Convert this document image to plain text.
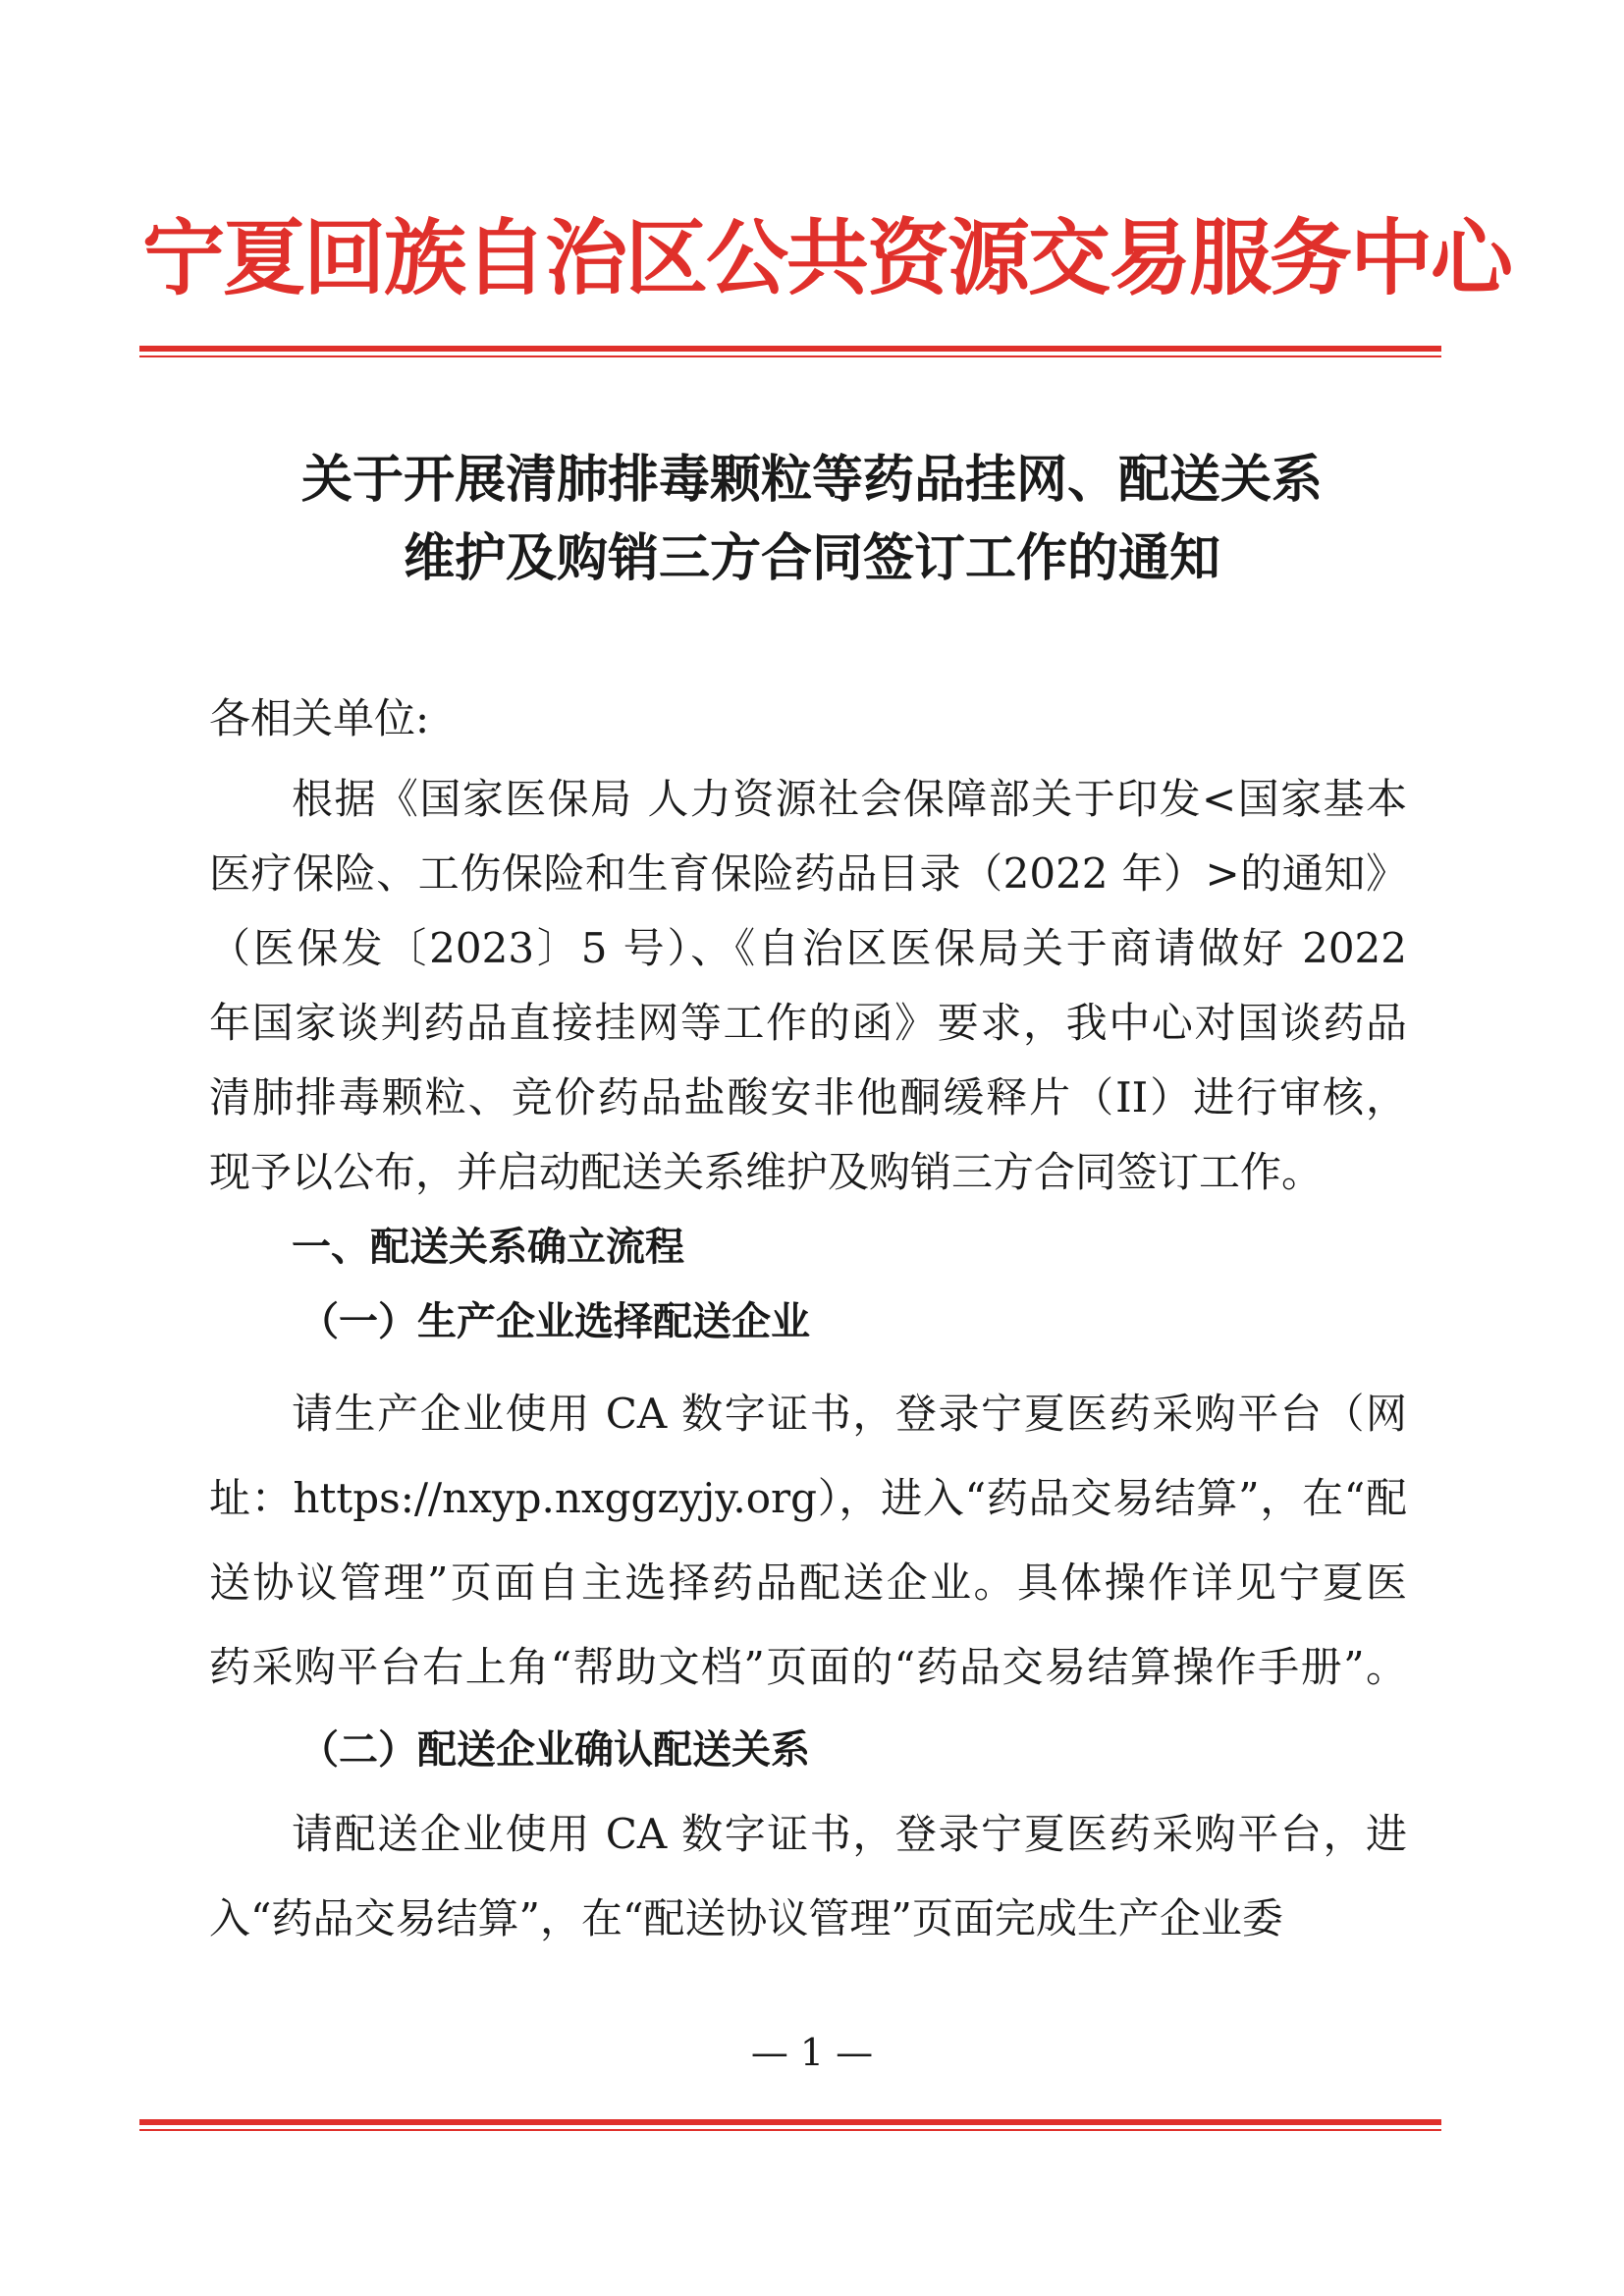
宁夏回族自治区公共资源交易服务中心
关于开展清肺排毒颗粒等药品挂网、配送关系
维护及购销三方合同签订工作的通知
各相关单位:
根据《国家医保局 人力资源社会保障部关于印发<国家基本
医疗保险、工伤保险和生育保险药品目录（2022 年）>的通知》
（医保发〔2023〕5 号）、《自治区医保局关于商请做好 2022
年国家谈判药品直接挂网等工作的函》要求，我中心对国谈药品
清肺排毒颗粒、竞价药品盐酸安非他酮缓释片（II）进行审核，
现予以公布，并启动配送关系维护及购销三方合同签订工作。
一、配送关系确立流程
（一）生产企业选择配送企业
请生产企业使用 CA 数字证书，登录宁夏医药采购平台（网
址：https://nxyp.nxggzyjy.org），进入“药品交易结算”，在“配
送协议管理”页面自主选择药品配送企业。具体操作详见宁夏医
药采购平台右上角“帮助文档”页面的“药品交易结算操作手册”。
（二）配送企业确认配送关系
请配送企业使用 CA 数字证书，登录宁夏医药采购平台，进
入“药品交易结算”，在“配送协议管理”页面完成生产企业委
— 1 —
